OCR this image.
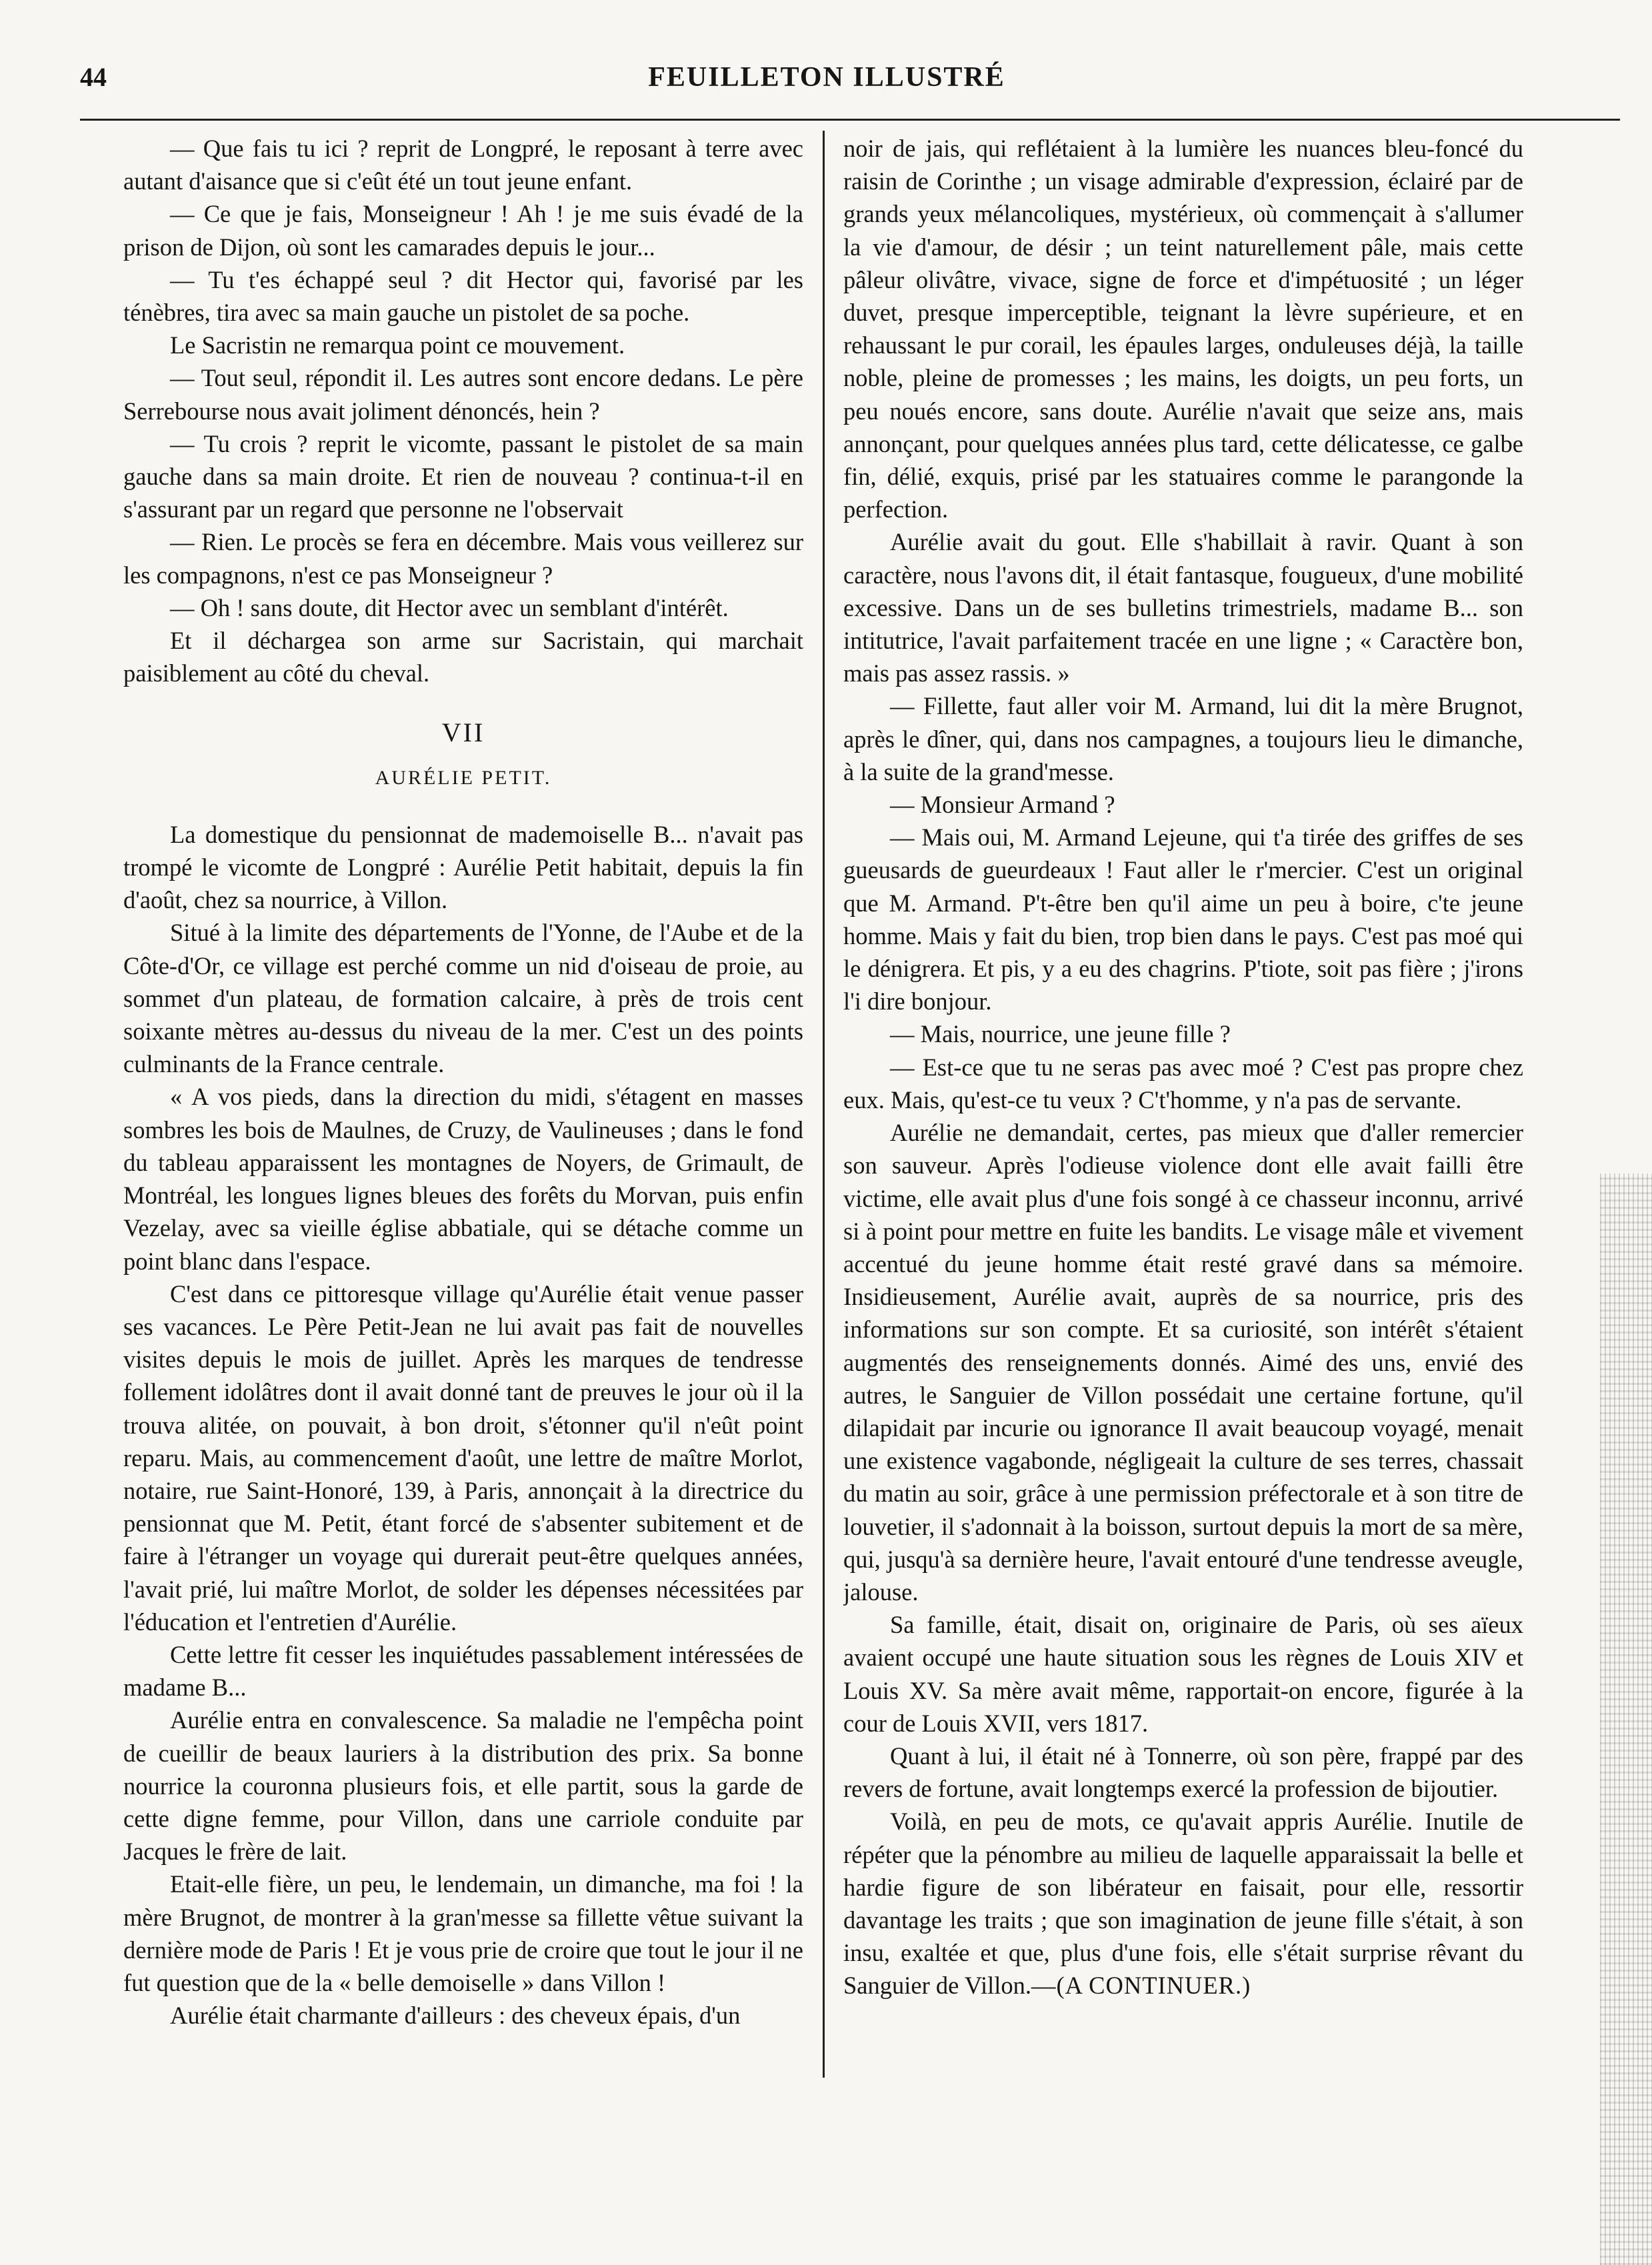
44	FEUILLETON ILLUSTRÉ

— Que fais tu ici ? reprit de Longpré, le reposant à terre avec autant d'aisance que si c'eût été un tout jeune enfant.

— Ce que je fais, Monseigneur ! Ah ! je me suis évadé de la prison de Dijon, où sont les camarades depuis le jour...

— Tu t'es échappé seul ? dit Hector qui, favorisé par les ténèbres, tira avec sa main gauche un pistolet de sa poche.

Le Sacristin ne remarqua point ce mouvement.

— Tout seul, répondit il. Les autres sont encore dedans. Le père Serrebourse nous avait joliment dénoncés, hein ?

— Tu crois ? reprit le vicomte, passant le pistolet de sa main gauche dans sa main droite. Et rien de nouveau ? continua-t-il en s'assurant par un regard que personne ne l'observait

— Rien. Le procès se fera en décembre. Mais vous veillerez sur les compagnons, n'est ce pas Monseigneur ?

— Oh ! sans doute, dit Hector avec un semblant d'intérêt.

Et il déchargea son arme sur Sacristain, qui marchait paisiblement au côté du cheval.

VII
AURÉLIE PETIT.

La domestique du pensionnat de mademoiselle B... n'avait pas trompé le vicomte de Longpré : Aurélie Petit habitait, depuis la fin d'août, chez sa nourrice, à Villon.

Situé à la limite des départements de l'Yonne, de l'Aube et de la Côte-d'Or, ce village est perché comme un nid d'oiseau de proie, au sommet d'un plateau, de formation calcaire, à près de trois cent soixante mètres au-dessus du niveau de la mer. C'est un des points culminants de la France centrale.

« A vos pieds, dans la direction du midi, s'étagent en masses sombres les bois de Maulnes, de Cruzy, de Vaulineuses ; dans le fond du tableau apparaissent les montagnes de Noyers, de Grimault, de Montréal, les longues lignes bleues des forêts du Morvan, puis enfin Vezelay, avec sa vieille église abbatiale, qui se détache comme un point blanc dans l'espace.

C'est dans ce pittoresque village qu'Aurélie était venue passer ses vacances. Le Père Petit-Jean ne lui avait pas fait de nouvelles visites depuis le mois de juillet. Après les marques de tendresse follement idolâtres dont il avait donné tant de preuves le jour où il la trouva alitée, on pouvait, à bon droit, s'étonner qu'il n'eût point reparu. Mais, au commencement d'août, une lettre de maître Morlot, notaire, rue Saint-Honoré, 139, à Paris, annonçait à la directrice du pensionnat que M. Petit, étant forcé de s'absenter subitement et de faire à l'étranger un voyage qui durerait peut-être quelques années, l'avait prié, lui maître Morlot, de solder les dépenses nécessitées par l'éducation et l'entretien d'Aurélie.

Cette lettre fit cesser les inquiétudes passablement intéressées de madame B...

Aurélie entra en convalescence. Sa maladie ne l'empêcha point de cueillir de beaux lauriers à la distribution des prix. Sa bonne nourrice la couronna plusieurs fois, et elle partit, sous la garde de cette digne femme, pour Villon, dans une carriole conduite par Jacques le frère de lait.

Etait-elle fière, un peu, le lendemain, un dimanche, ma foi ! la mère Brugnot, de montrer à la gran'messe sa fillette vêtue suivant la dernière mode de Paris ! Et je vous prie de croire que tout le jour il ne fut question que de la « belle demoiselle » dans Villon !

Aurélie était charmante d'ailleurs : des cheveux épais, d'un

noir de jais, qui reflétaient à la lumière les nuances bleu-foncé du raisin de Corinthe ; un visage admirable d'expression, éclairé par de grands yeux mélancoliques, mystérieux, où commençait à s'allumer la vie d'amour, de désir ; un teint naturellement pâle, mais cette pâleur olivâtre, vivace, signe de force et d'impétuosité ; un léger duvet, presque imperceptible, teignant la lèvre supérieure, et en rehaussant le pur corail, les épaules larges, onduleuses déjà, la taille noble, pleine de promesses ; les mains, les doigts, un peu forts, un peu noués encore, sans doute. Aurélie n'avait que seize ans, mais annonçant, pour quelques années plus tard, cette délicatesse, ce galbe fin, délié, exquis, prisé par les statuaires comme le parangonde la perfection.

Aurélie avait du gout. Elle s'habillait à ravir. Quant à son caractère, nous l'avons dit, il était fantasque, fougueux, d'une mobilité excessive. Dans un de ses bulletins trimestriels, madame B... son intitutrice, l'avait parfaitement tracée en une ligne ; « Caractère bon, mais pas assez rassis. »

— Fillette, faut aller voir M. Armand, lui dit la mère Brugnot, après le dîner, qui, dans nos campagnes, a toujours lieu le dimanche, à la suite de la grand'messe.

— Monsieur Armand ?

— Mais oui, M. Armand Lejeune, qui t'a tirée des griffes de ses gueusards de gueurdeaux ! Faut aller le r'mercier. C'est un original que M. Armand. P't-être ben qu'il aime un peu à boire, c'te jeune homme. Mais y fait du bien, trop bien dans le pays. C'est pas moé qui le dénigrera. Et pis, y a eu des chagrins. P'tiote, soit pas fière ; j'irons l'i dire bonjour.

— Mais, nourrice, une jeune fille ?

— Est-ce que tu ne seras pas avec moé ? C'est pas propre chez eux. Mais, qu'est-ce tu veux ? C't'homme, y n'a pas de servante.

Aurélie ne demandait, certes, pas mieux que d'aller remercier son sauveur. Après l'odieuse violence dont elle avait failli être victime, elle avait plus d'une fois songé à ce chasseur inconnu, arrivé si à point pour mettre en fuite les bandits. Le visage mâle et vivement accentué du jeune homme était resté gravé dans sa mémoire. Insidieusement, Aurélie avait, auprès de sa nourrice, pris des informations sur son compte. Et sa curiosité, son intérêt s'étaient augmentés des renseignements donnés. Aimé des uns, envié des autres, le Sanguier de Villon possédait une certaine fortune, qu'il dilapidait par incurie ou ignorance Il avait beaucoup voyagé, menait une existence vagabonde, négligeait la culture de ses terres, chassait du matin au soir, grâce à une permission préfectorale et à son titre de louvetier, il s'adonnait à la boisson, surtout depuis la mort de sa mère, qui, jusqu'à sa dernière heure, l'avait entouré d'une tendresse aveugle, jalouse.

Sa famille, était, disait on, originaire de Paris, où ses aïeux avaient occupé une haute situation sous les règnes de Louis XIV et Louis XV. Sa mère avait même, rapportait-on encore, figurée à la cour de Louis XVII, vers 1817.

Quant à lui, il était né à Tonnerre, où son père, frappé par des revers de fortune, avait longtemps exercé la profession de bijoutier.

Voilà, en peu de mots, ce qu'avait appris Aurélie. Inutile de répéter que la pénombre au milieu de laquelle apparaissait la belle et hardie figure de son libérateur en faisait, pour elle, ressortir davantage les traits ; que son imagination de jeune fille s'était, à son insu, exaltée et que, plus d'une fois, elle s'était surprise rêvant du Sanguier de Villon.—(A CONTINUER.)
